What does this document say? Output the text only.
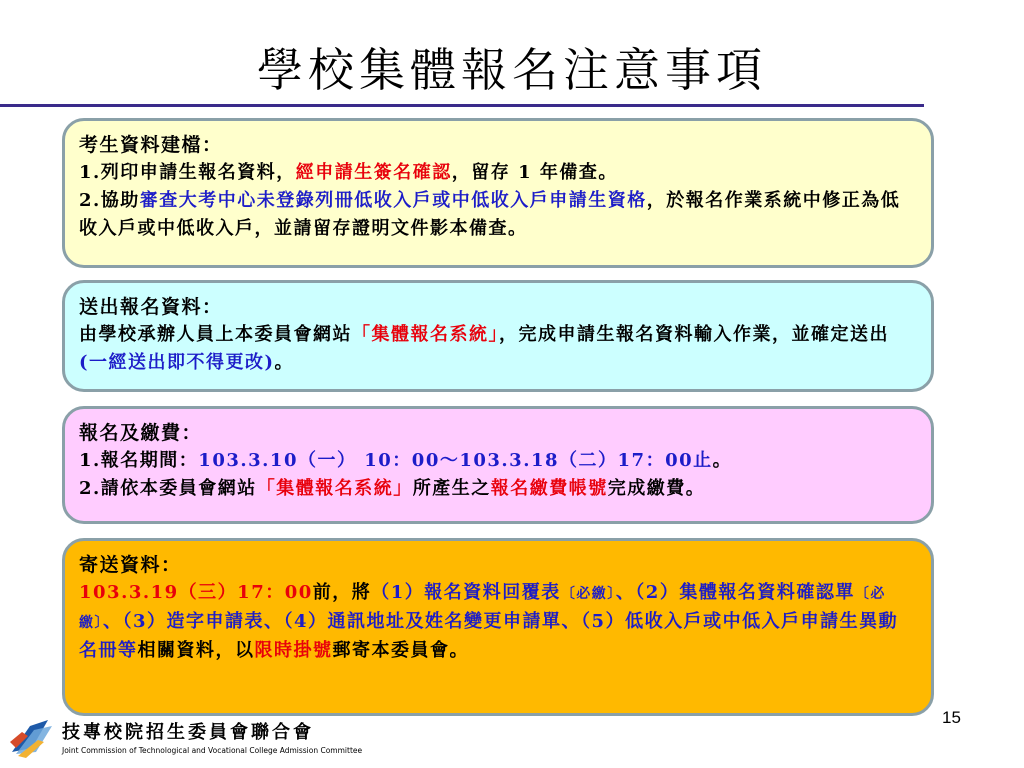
學校集體報名注意事項
考生資料建檔：
1.列印申請生報名資料，經申請生簽名確認，留存 1 年備查。
2.協助審查大考中心未登錄列冊低收入戶或中低收入戶申請生資格，於報名作業系統中修正為低收入戶或中低收入戶，並請留存證明文件影本備查。
送出報名資料：
由學校承辦人員上本委員會網站「集體報名系統」，完成申請生報名資料輸入作業，並確定送出(一經送出即不得更改)。
報名及繳費：
1.報名期間：103.3.10（一） 10：00～103.3.18（二）17：00止。
2.請依本委員會網站「集體報名系統」所產生之報名繳費帳號完成繳費。
寄送資料：
103.3.19（三）17：00前，將（1）報名資料回覆表〔必繳〕、（2）集體報名資料確認單〔必繳〕、（3）造字申請表、（4）通訊地址及姓名變更申請單、（5）低收入戶或中低入戶申請生異動名冊等相關資料，以限時掛號郵寄本委員會。
技專校院招生委員會聯合會
Joint Commission of Technological and Vocational College Admission Committee
15
